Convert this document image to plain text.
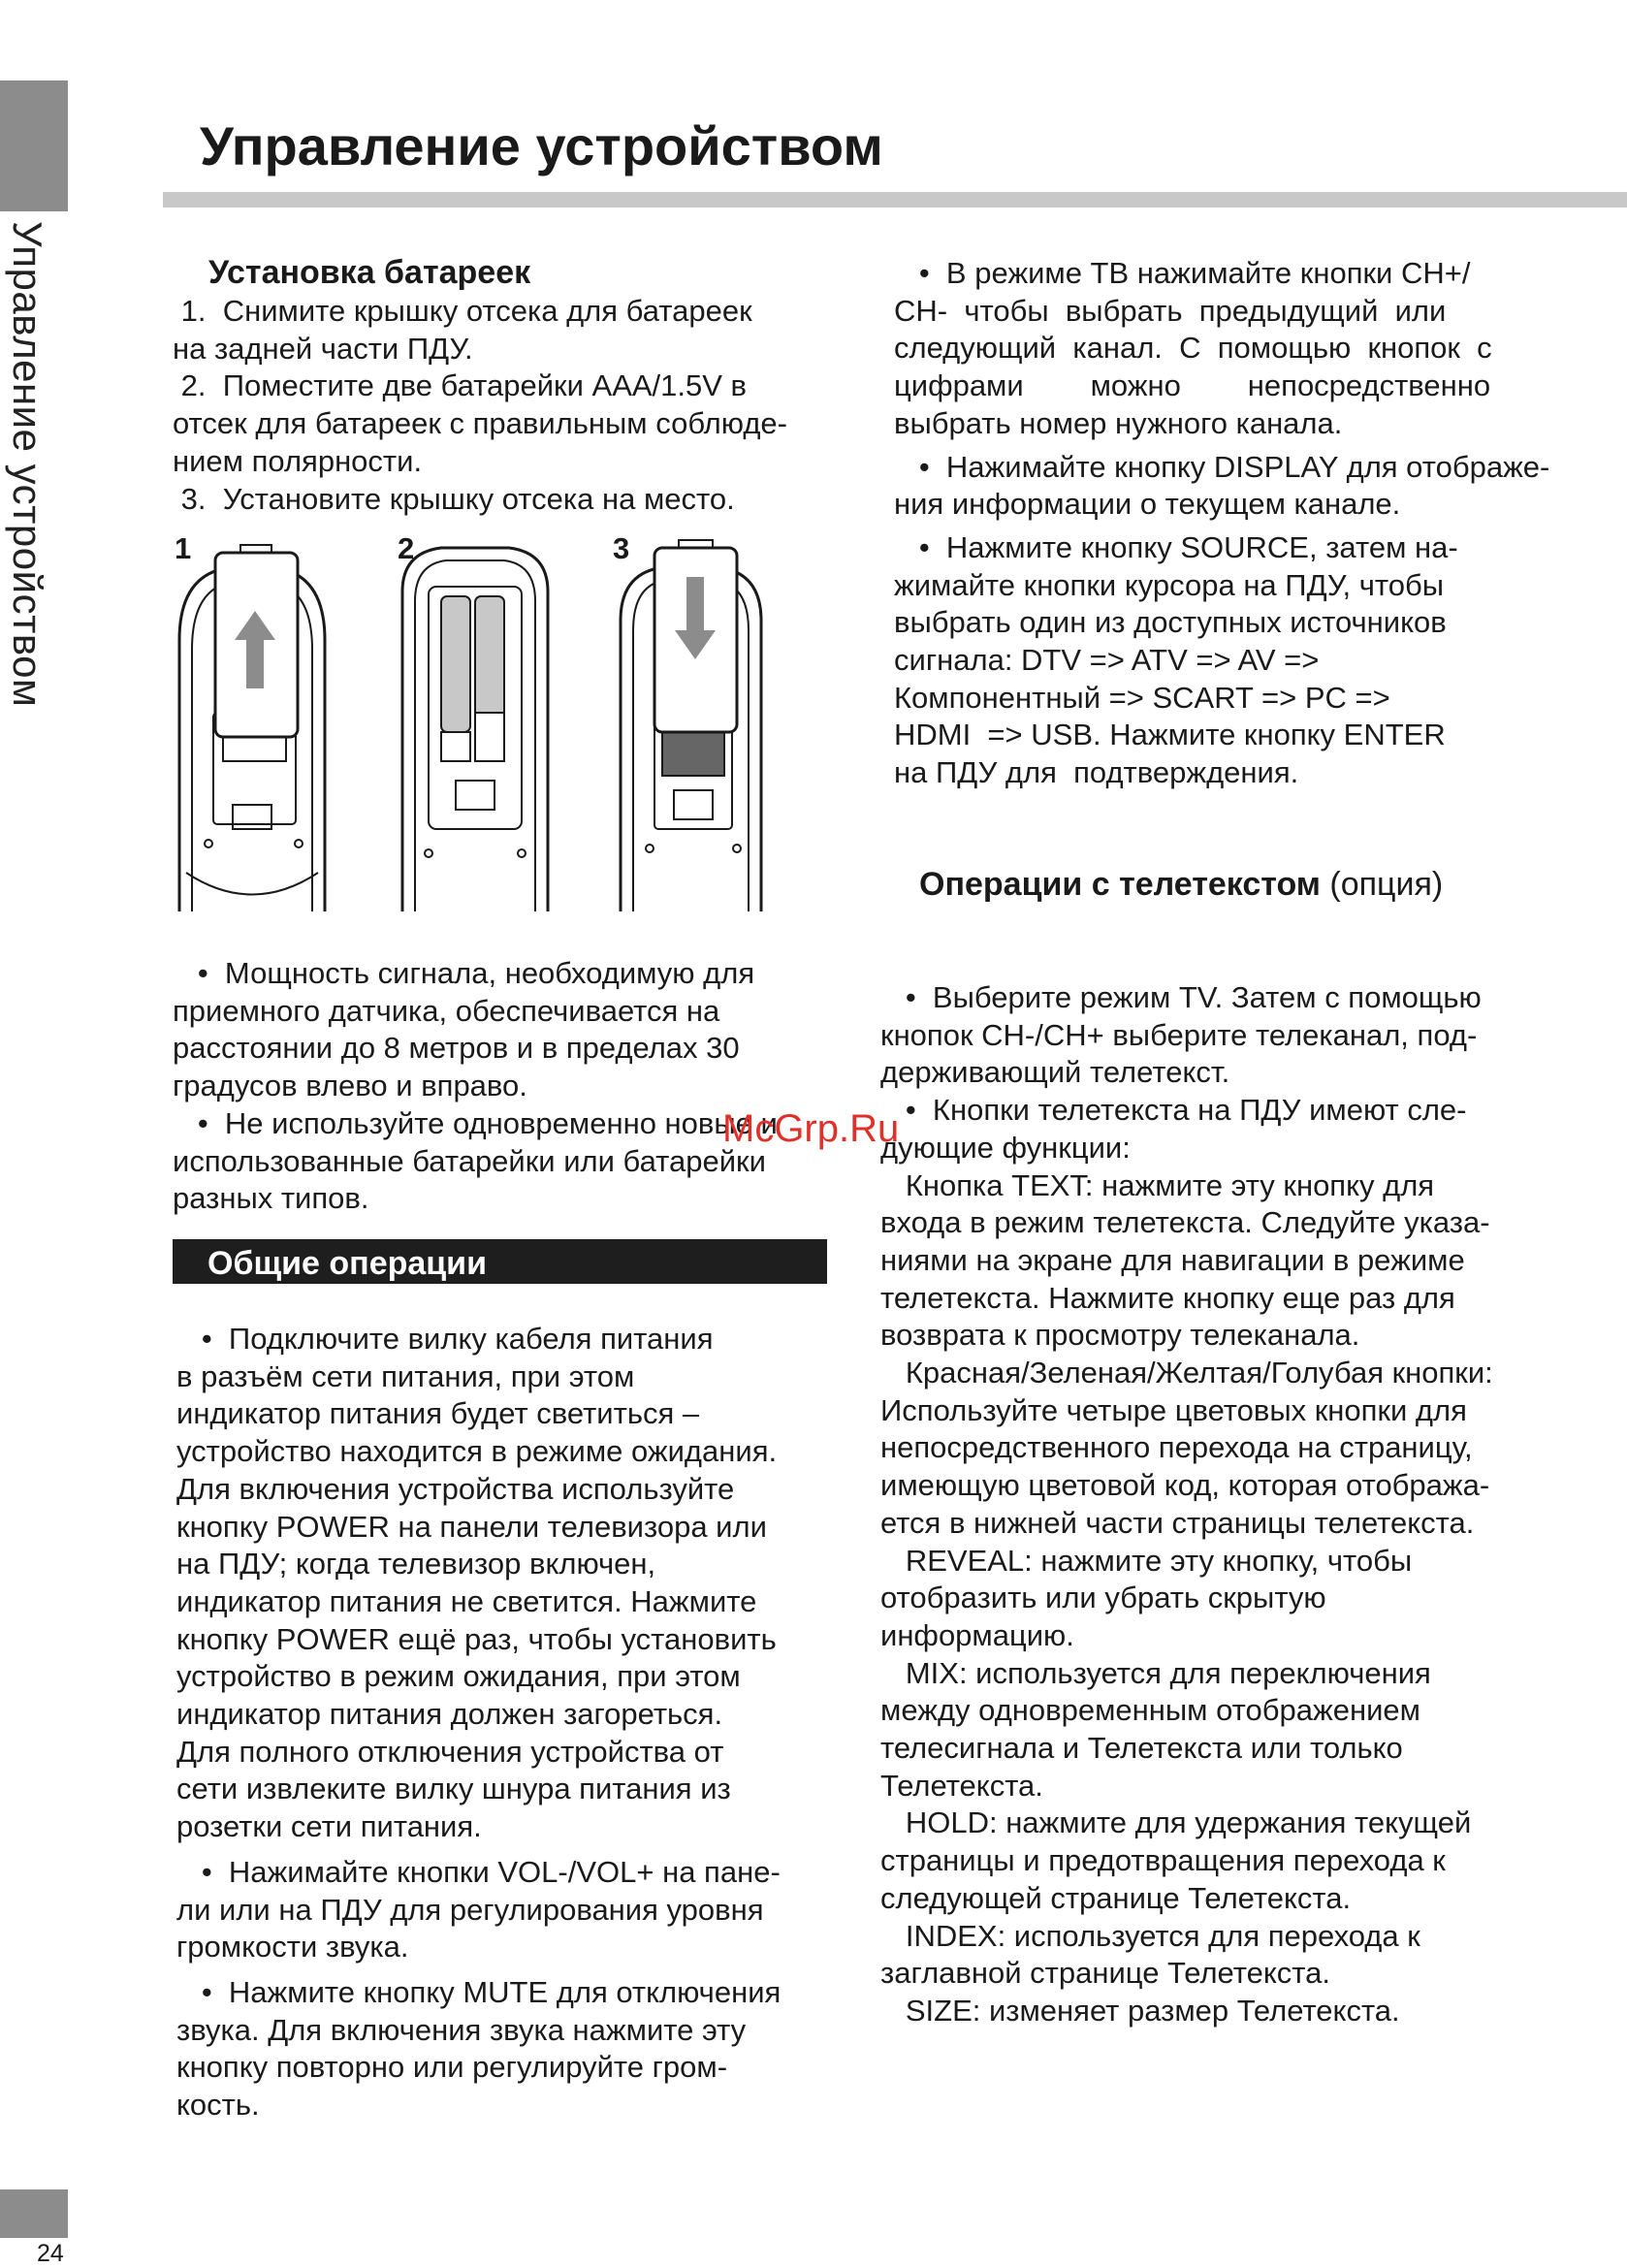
Управление устройством
Управление устройством
Установка батареек

1.  Снимите крышку отсека для батареек

на задней части ПДУ.

2.  Поместите две батарейки AAA/1.5V в

отсек для батареек с правильным соблюде-

нием полярности.

3.  Установите крышку отсека на место.

1	2	3

•  Мощность сигнала, необходимую для

приемного датчика, обеспечивается на

расстоянии до 8 метров и в пределах 30

градусов влево и вправо.

•  Не используйте одновременно новые и

использованные батарейки или батарейки

разных типов.

McGrp.Ru
Общие операции

•  Подключите вилку кабеля питания

в разъём сети питания, при этом

индикатор питания будет светиться –

устройство находится в режиме ожидания.

Для включения устройства используйте

кнопку POWER на панели телевизора или

на ПДУ; когда телевизор включен,

индикатор питания не светится. Нажмите

кнопку POWER ещё раз, чтобы установить

устройство в режим ожидания, при этом

индикатор питания должен загореться.

Для полного отключения устройства от

сети извлеките вилку шнура питания из

розетки сети питания.

•  Нажимайте кнопки VOL-/VOL+ на пане-

ли или на ПДУ для регулирования уровня

громкости звука.

•  Нажмите кнопку MUTE для отключения

звука. Для включения звука нажмите эту

кнопку повторно или регулируйте гром-

кость.

•  В режиме ТВ нажимайте кнопки CH+/

CH-  чтобы  выбрать  предыдущий  или

следующий  канал.  С  помощью  кнопок  с

цифрами        можно        непосредственно

выбрать номер нужного канала.

•  Нажимайте кнопку DISPLAY для отображе-

ния информации о текущем канале.

•  Нажмите кнопку SOURCE, затем на-

жимайте кнопки курсора на ПДУ, чтобы

выбрать один из доступных источников

сигнала: DTV => ATV => AV =>

Компонентный => SCART => PC =>

HDMI  => USB. Нажмите кнопку ENTER

на ПДУ для  подтверждения.

Операции с телетекстом (опция)

•  Выберите режим TV. Затем с помощью

кнопок CH-/CH+ выберите телеканал, под-

держивающий телетекст.

•  Кнопки телетекста на ПДУ имеют сле-

дующие функции:

Кнопка TEXT: нажмите эту кнопку для

входа в режим телетекста. Следуйте указа-

ниями на экране для навигации в режиме

телетекста. Нажмите кнопку еще раз для

возврата к просмотру телеканала.

Красная/Зеленая/Желтая/Голубая кнопки:

Используйте четыре цветовых кнопки для

непосредственного перехода на страницу,

имеющую цветовой код, которая отобража-

ется в нижней части страницы телетекста.

REVEAL: нажмите эту кнопку, чтобы

отобразить или убрать скрытую

информацию.

MIX: используется для переключения

между одновременным отображением

телесигнала и Телетекста или только

Телетекста.

HOLD: нажмите для удержания текущей

страницы и предотвращения перехода к

следующей странице Телетекста.

INDEX: используется для перехода к

заглавной странице Телетекста.

SIZE: изменяет размер Телетекста.

24
